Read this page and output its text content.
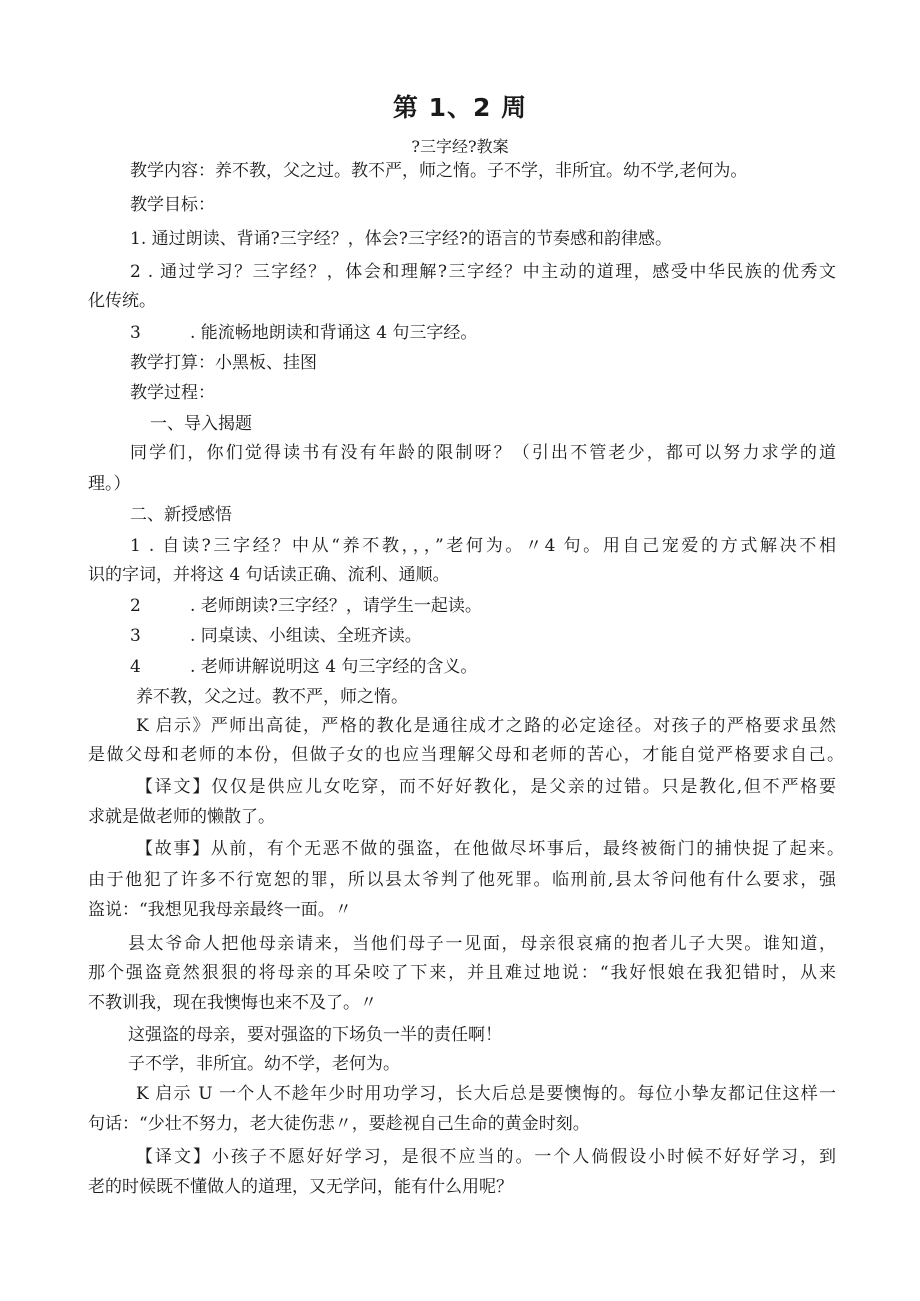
第 1、2 周
?三字经?教案
教学内容：养不教，父之过。教不严，师之惰。子不学，非所宜。幼不学,老何为。
教学目标：
1. 通过朗读、背诵?三字经？，体会?三字经?的语言的节奏感和韵律感。
2 . 通过学习？三字经？，体会和理解?三字经？中主动的道理，感受中华民族的优秀文
化传统。
3	. 能流畅地朗读和背诵这 4 句三字经。
教学打算：小黑板、挂图
教学过程：
一、导入揭题
同学们，你们觉得读书有没有年龄的限制呀？（引出不管老少，都可以努力求学的道
理。）
二、新授感悟
1 . 自读?三字经？中从“养不教，，，”老何为。〃4 句。用自己宠爱的方式解决不相
识的字词，并将这 4 句话读正确、流利、通顺。
2	. 老师朗读?三字经？，请学生一起读。
3	. 同桌读、小组读、全班齐读。
4	. 老师讲解说明这 4 句三字经的含义。
养不教，父之过。教不严，师之惰。
K 启示》严师出高徒，严格的教化是通往成才之路的必定途径。对孩子的严格要求虽然
是做父母和老师的本份，但做子女的也应当理解父母和老师的苦心，才能自觉严格要求自己。
【译文】仅仅是供应儿女吃穿，而不好好教化，是父亲的过错。只是教化,但不严格要
求就是做老师的懒散了。
【故事】从前，有个无恶不做的强盗，在他做尽坏事后，最终被衙门的捕快捉了起来。
由于他犯了许多不行宽恕的罪，所以县太爷判了他死罪。临刑前,县太爷问他有什么要求，强
盗说：“我想见我母亲最终一面。〃
县太爷命人把他母亲请来，当他们母子一见面，母亲很哀痛的抱者儿子大哭。谁知道，
那个强盗竟然狠狠的将母亲的耳朵咬了下来，并且难过地说：“我好恨娘在我犯错时，从来
不教训我，现在我懊悔也来不及了。〃
这强盗的母亲，要对强盗的下场负一半的责任啊！
子不学，非所宜。幼不学，老何为。
K 启示 U 一个人不趁年少时用功学习，长大后总是要懊悔的。每位小挚友都记住这样一
句话：“少壮不努力，老大徒伤悲〃，要趁视自己生命的黄金时刻。
【译文】小孩子不愿好好学习，是很不应当的。一个人倘假设小时候不好好学习，到
老的时候既不懂做人的道理，又无学问，能有什么用呢？
